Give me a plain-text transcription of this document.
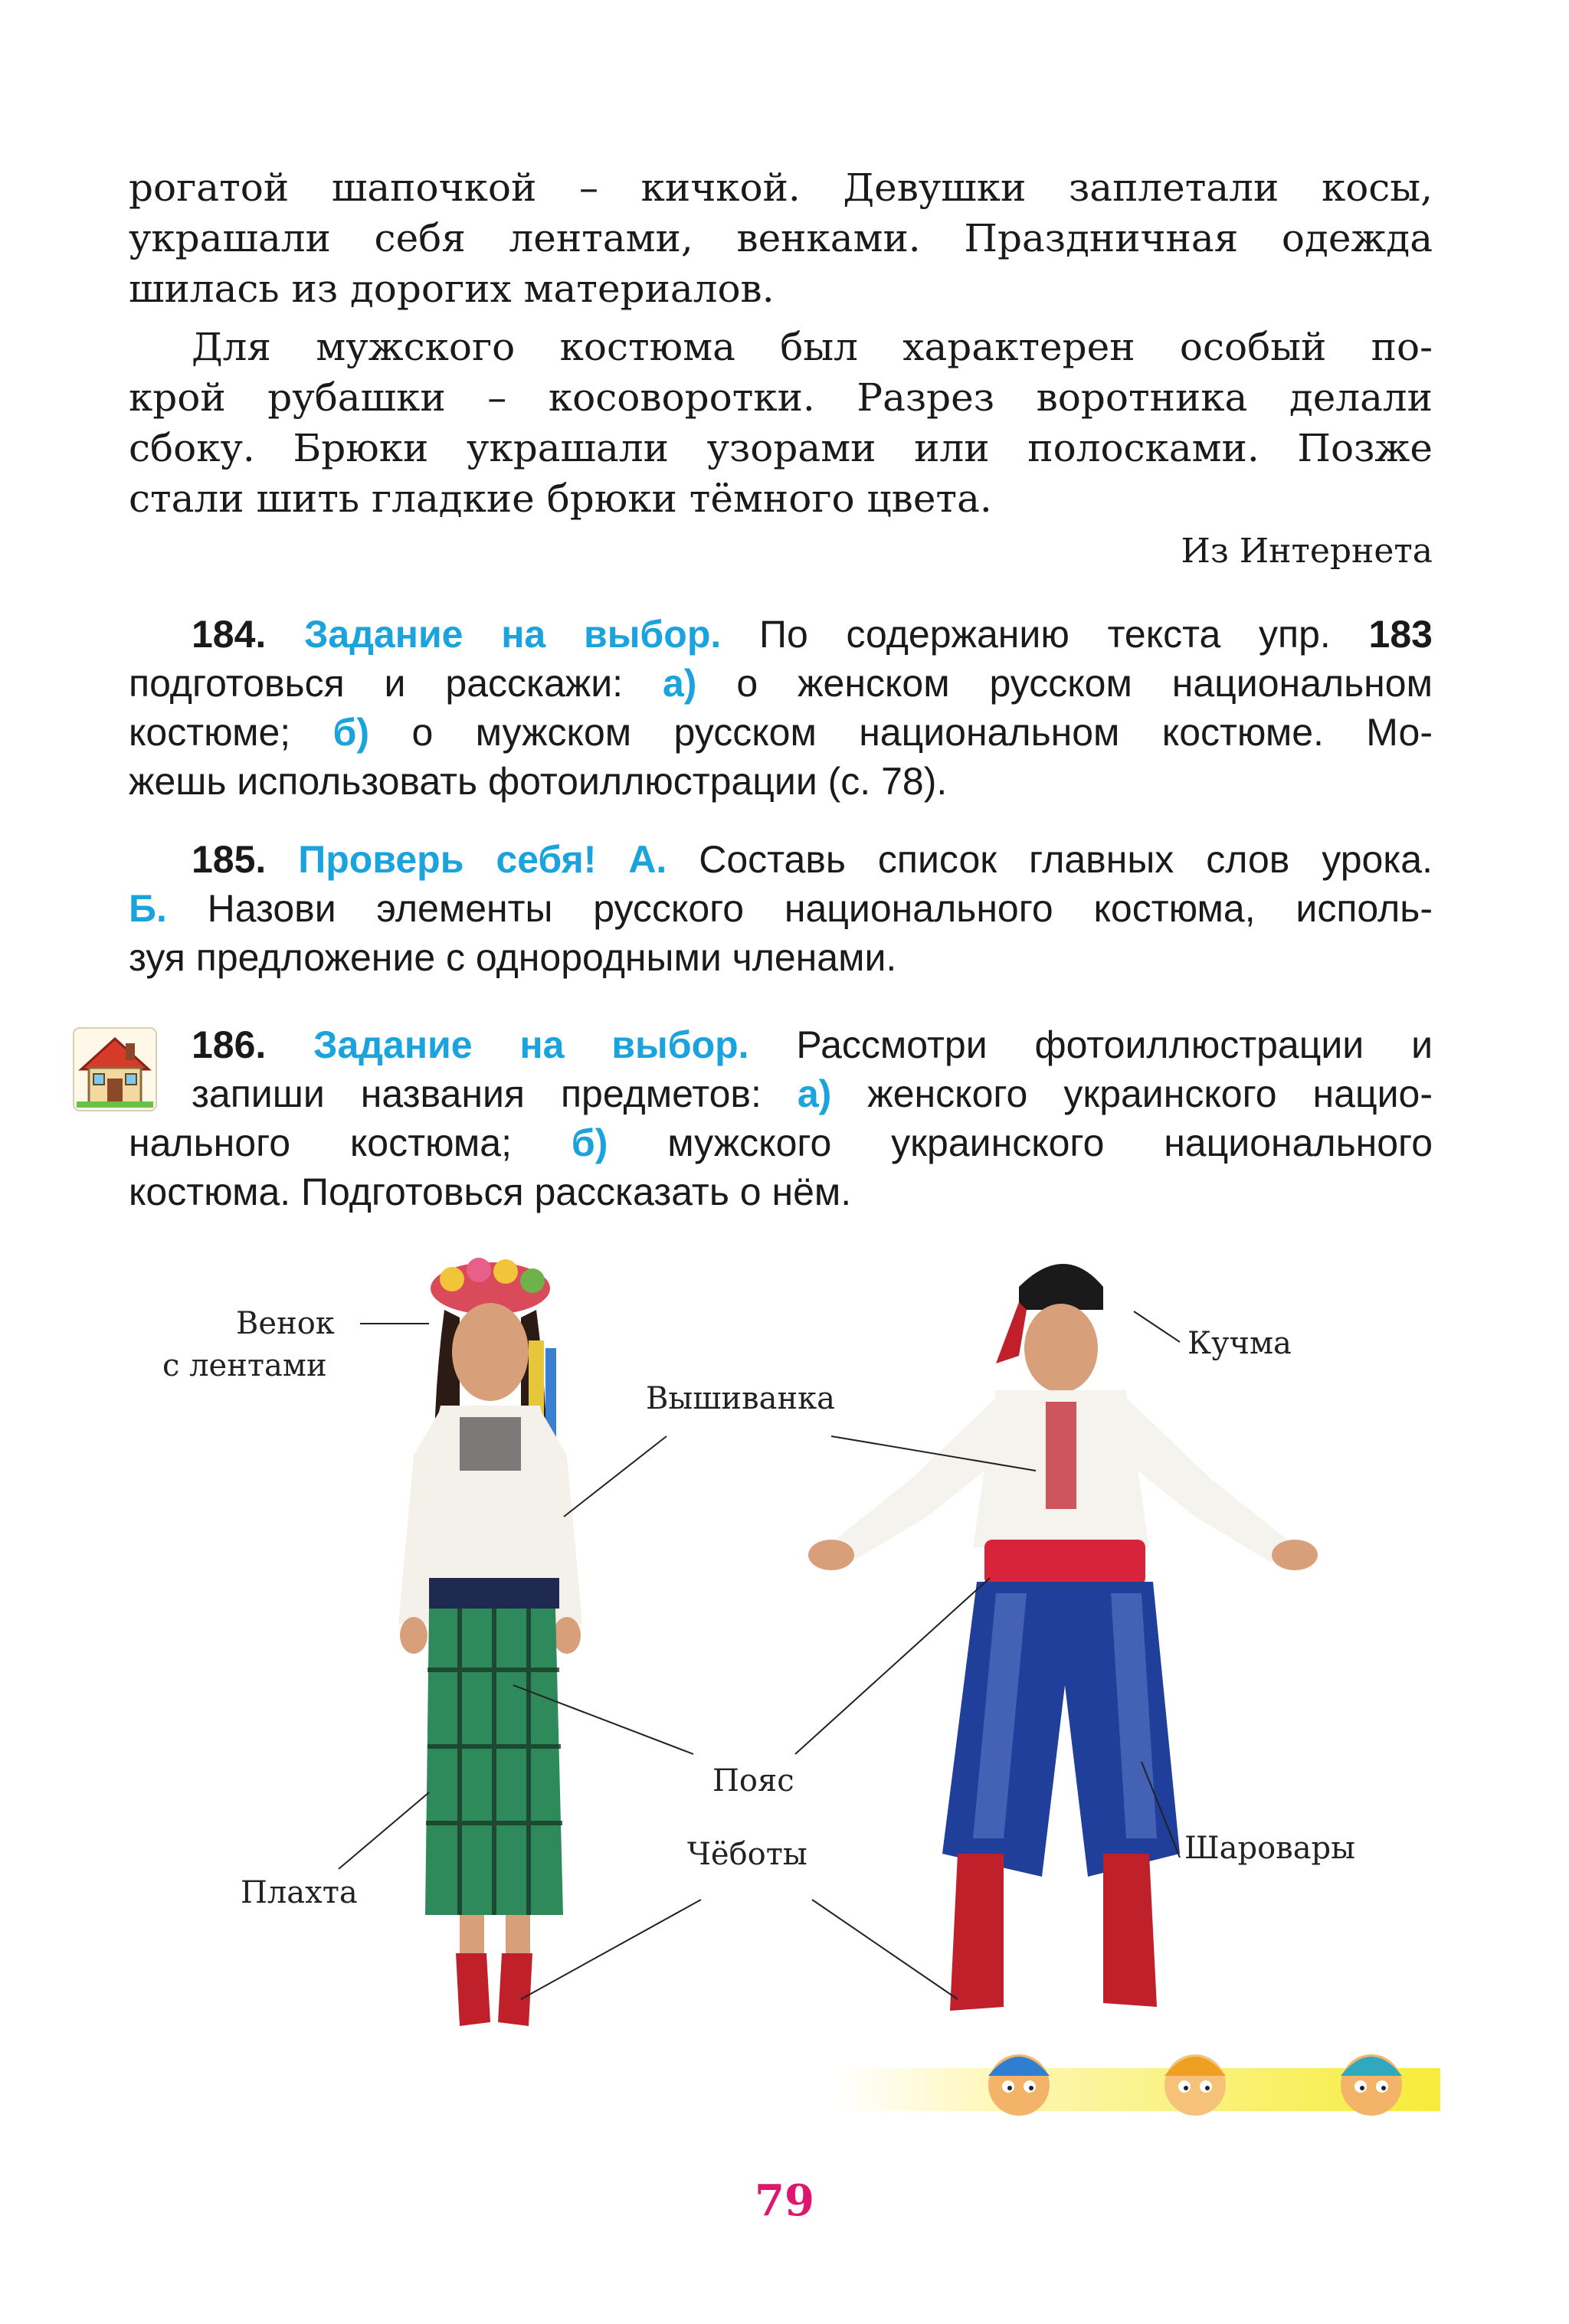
рогатой шапочкой – кичкой. Девушки заплетали косы,
украшали себя лентами, венками. Праздничная одежда
шилась из дорогих материалов.
Для мужского костюма был характерен особый по-
крой рубашки – косоворотки. Разрез воротника делали
сбоку. Брюки украшали узорами или полосками. Позже
стали шить гладкие брюки тёмного цвета.
Из Интернета
184. Задание на выбор. По содержанию текста упр. 183
подготовься и расскажи: а) о женском русском национальном
костюме; б) о мужском русском национальном костюме. Мо-
жешь использовать фотоиллюстрации (с. 78).
185. Проверь себя! А. Составь список главных слов урока.
Б. Назови элементы русского национального костюма, исполь-
зуя предложение с однородными членами.
186. Задание на выбор. Рассмотри фотоиллюстрации и
запиши названия предметов: а) женского украинского нацио-
нального костюма; б) мужского украинского национального
костюма. Подготовься рассказать о нём.
Венок
с лентами
Вышиванка
Кучма
Пояс
Чёботы
Плахта
Шаровары
79
